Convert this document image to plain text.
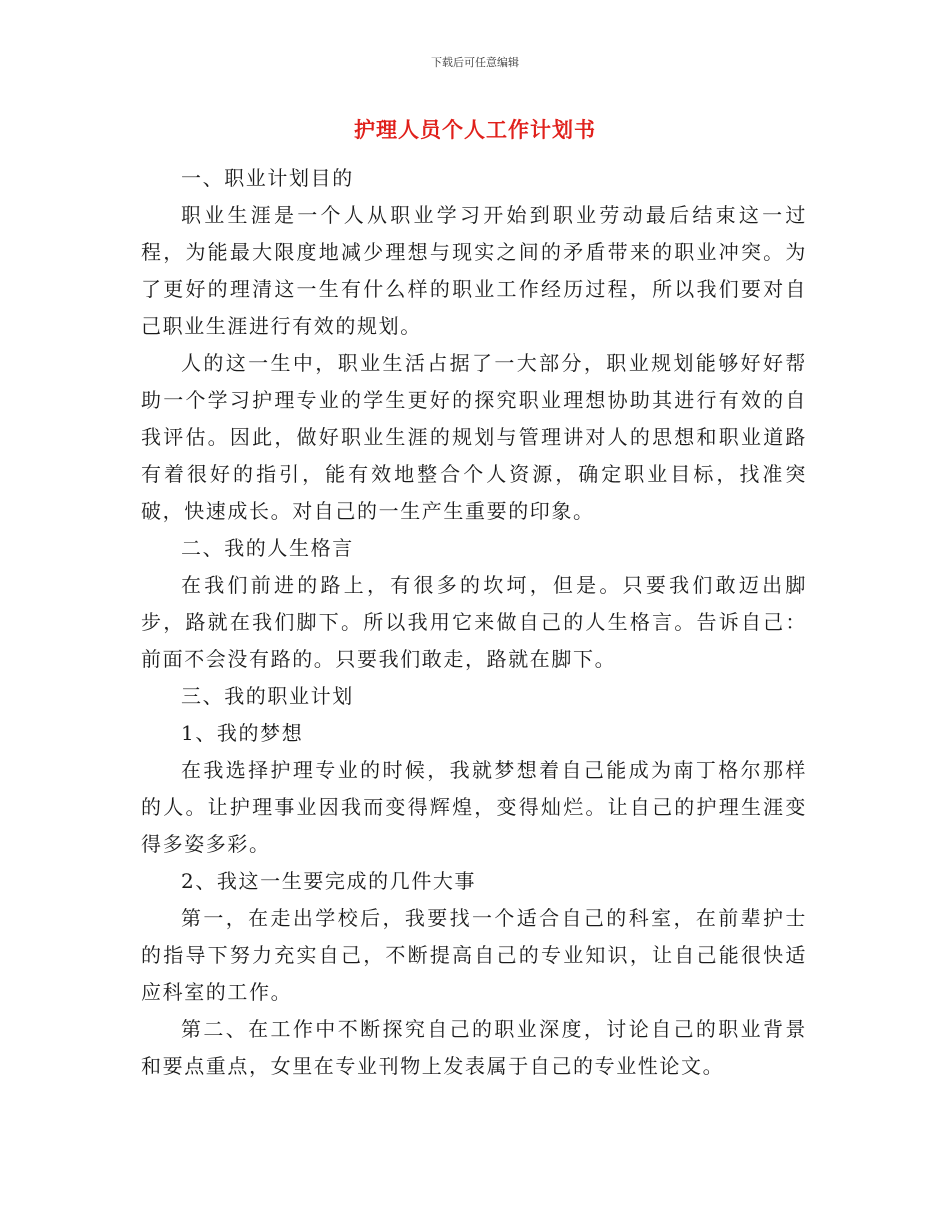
下载后可任意编辑
护理人员个人工作计划书

一、职业计划目的

职业生涯是一个人从职业学习开始到职业劳动最后结束这一过程，为能最大限度地减少理想与现实之间的矛盾带来的职业冲突。为了更好的理清这一生有什么样的职业工作经历过程，所以我们要对自己职业生涯进行有效的规划。

人的这一生中，职业生活占据了一大部分，职业规划能够好好帮助一个学习护理专业的学生更好的探究职业理想协助其进行有效的自我评估。因此，做好职业生涯的规划与管理讲对人的思想和职业道路有着很好的指引，能有效地整合个人资源，确定职业目标，找准突破，快速成长。对自己的一生产生重要的印象。

二、我的人生格言

在我们前进的路上，有很多的坎坷，但是。只要我们敢迈出脚步，路就在我们脚下。所以我用它来做自己的人生格言。告诉自己：前面不会没有路的。只要我们敢走，路就在脚下。

三、我的职业计划

1、我的梦想

在我选择护理专业的时候，我就梦想着自己能成为南丁格尔那样的人。让护理事业因我而变得辉煌，变得灿烂。让自己的护理生涯变得多姿多彩。

2、我这一生要完成的几件大事

第一，在走出学校后，我要找一个适合自己的科室，在前辈护士的指导下努力充实自己，不断提高自己的专业知识，让自己能很快适应科室的工作。

第二、在工作中不断探究自己的职业深度，讨论自己的职业背景和要点重点，女里在专业刊物上发表属于自己的专业性论文。
